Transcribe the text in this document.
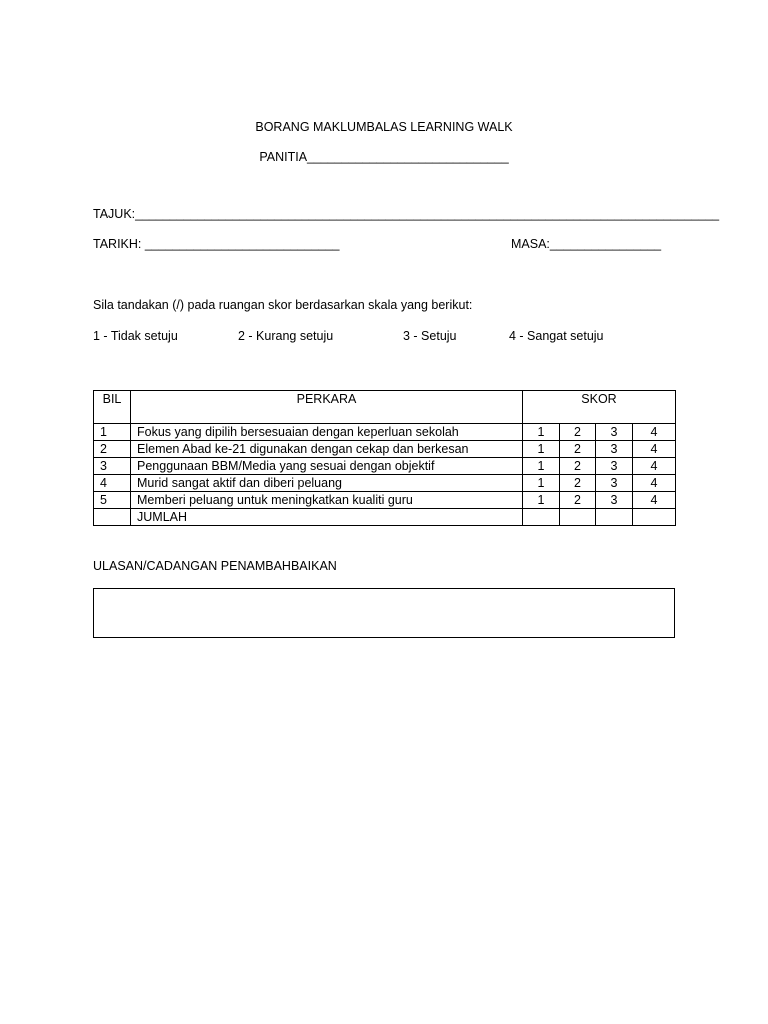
BORANG MAKLUMBALAS LEARNING WALK
PANITIA_____________________________
TAJUK:____________________________________________________________________________________
TARIKH: ____________________________	MASA:________________
Sila tandakan (/) pada ruangan skor berdasarkan skala yang berikut:
1 - Tidak setuju	2 - Kurang setuju	3 - Setuju	4 - Sangat setuju
BIL	PERKARA	SKOR			
1	Fokus yang dipilih bersesuaian dengan keperluan sekolah	1	2	3	4
2	Elemen Abad ke-21 digunakan dengan cekap dan berkesan	1	2	3	4
3	Penggunaan BBM/Media yang sesuai dengan objektif	1	2	3	4
4	Murid sangat aktif dan diberi peluang	1	2	3	4
5	Memberi peluang untuk meningkatkan kualiti guru	1	2	3	4
	JUMLAH				
ULASAN/CADANGAN PENAMBAHBAIKAN
